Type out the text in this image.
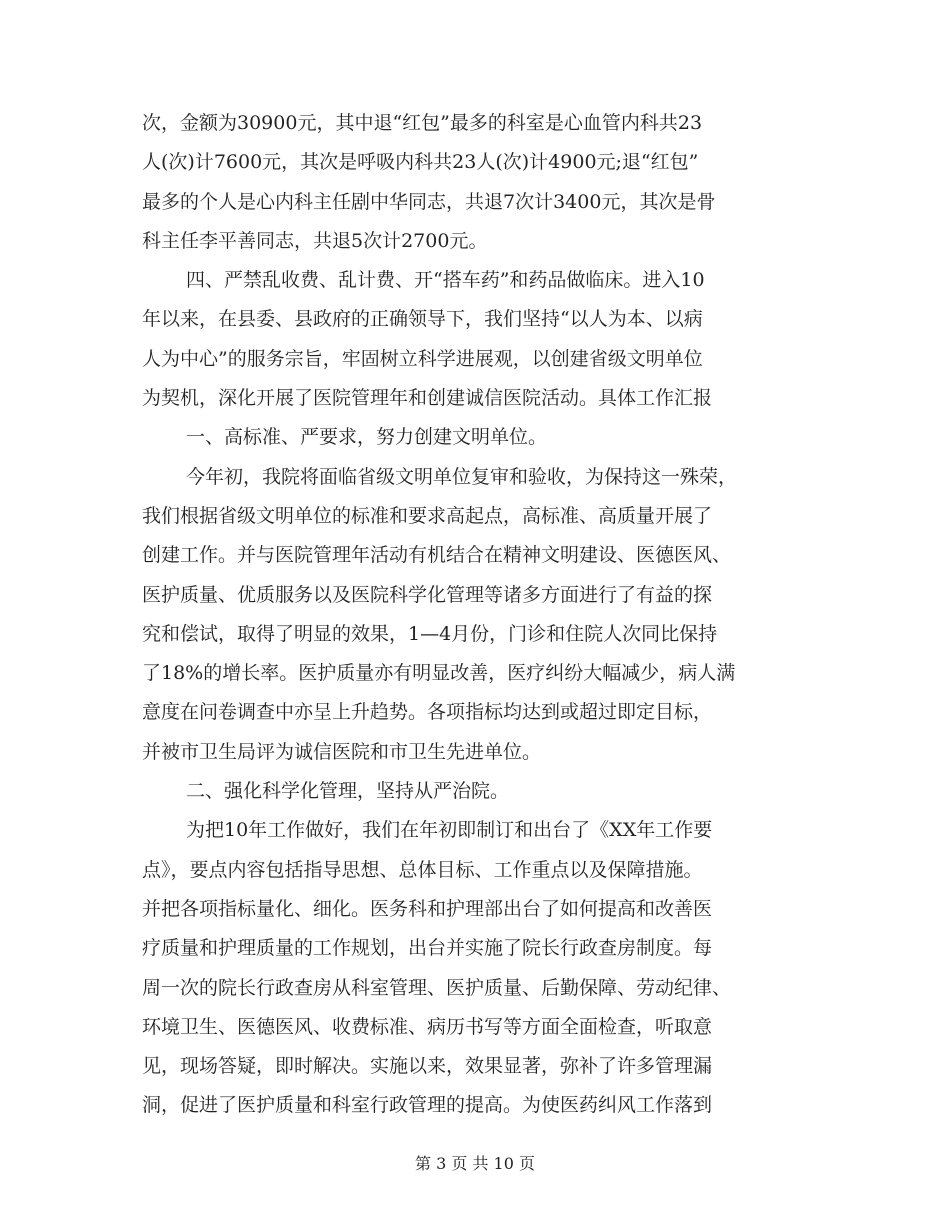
次，金额为30900元，其中退“红包”最多的科室是心血管内科共23
人(次)计7600元，其次是呼吸内科共23人(次)计4900元;退“红包”
最多的个人是心内科主任剧中华同志，共退7次计3400元，其次是骨
科主任李平善同志，共退5次计2700元。
四、严禁乱收费、乱计费、开“搭车药”和药品做临床。进入10
年以来，在县委、县政府的正确领导下，我们坚持“以人为本、以病
人为中心”的服务宗旨，牢固树立科学进展观，以创建省级文明单位
为契机，深化开展了医院管理年和创建诚信医院活动。具体工作汇报
一、高标准、严要求，努力创建文明单位。
今年初，我院将面临省级文明单位复审和验收，为保持这一殊荣，
我们根据省级文明单位的标准和要求高起点，高标准、高质量开展了
创建工作。并与医院管理年活动有机结合在精神文明建设、医德医风、
医护质量、优质服务以及医院科学化管理等诸多方面进行了有益的探
究和偿试，取得了明显的效果，1—4月份，门诊和住院人次同比保持
了18%的增长率。医护质量亦有明显改善，医疗纠纷大幅减少，病人满
意度在问卷调查中亦呈上升趋势。各项指标均达到或超过即定目标，
并被市卫生局评为诚信医院和市卫生先进单位。
二、强化科学化管理，坚持从严治院。
为把10年工作做好，我们在年初即制订和出台了《XX年工作要
点》，要点内容包括指导思想、总体目标、工作重点以及保障措施。
并把各项指标量化、细化。医务科和护理部出台了如何提高和改善医
疗质量和护理质量的工作规划，出台并实施了院长行政查房制度。每
周一次的院长行政查房从科室管理、医护质量、后勤保障、劳动纪律、
环境卫生、医德医风、收费标准、病历书写等方面全面检查，听取意
见，现场答疑，即时解决。实施以来，效果显著，弥补了许多管理漏
洞，促进了医护质量和科室行政管理的提高。为使医药纠风工作落到
第 3 页 共 10 页
